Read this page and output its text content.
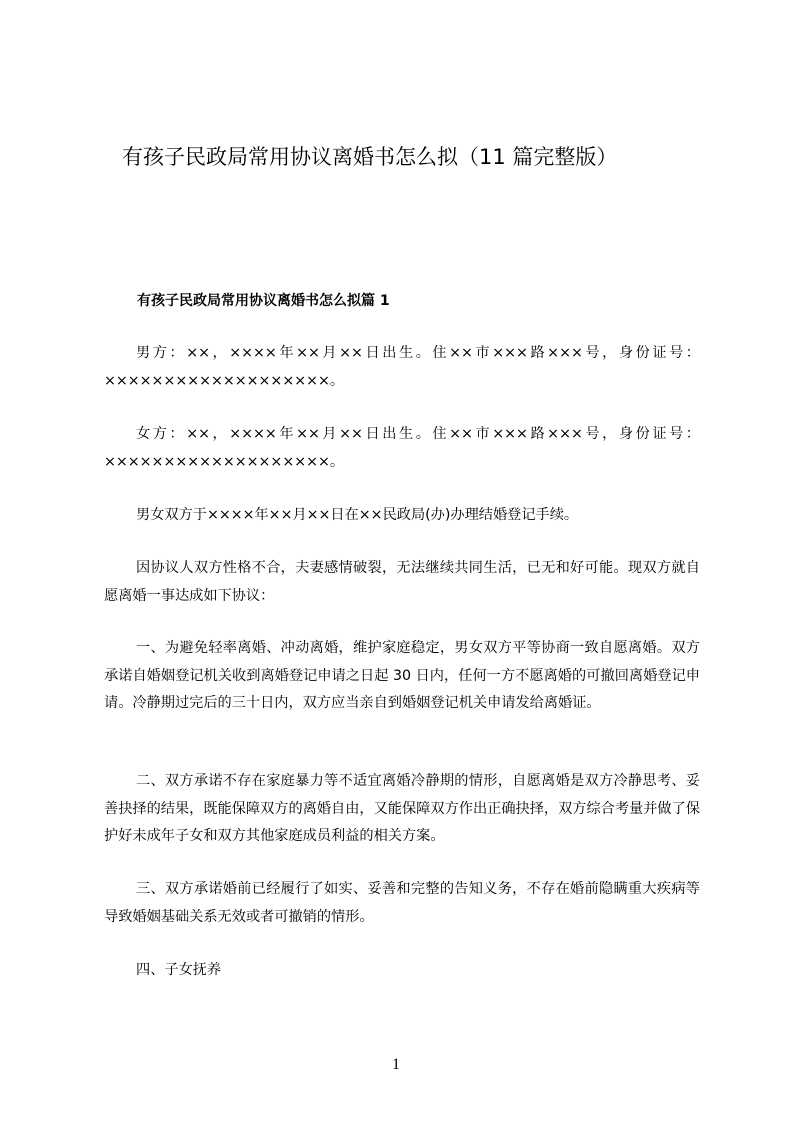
有孩子民政局常用协议离婚书怎么拟（11 篇完整版）
有孩子民政局常用协议离婚书怎么拟篇 1

男方：××，××××年××月××日出生。住××市×××路×××号，身份证号：×××××××××××××××××××。

女方：××，××××年××月××日出生。住××市×××路×××号，身份证号：×××××××××××××××××××。

男女双方于××××年××月××日在××民政局(办)办理结婚登记手续。

因协议人双方性格不合，夫妻感情破裂，无法继续共同生活，已无和好可能。现双方就自愿离婚一事达成如下协议：

一、为避免轻率离婚、冲动离婚，维护家庭稳定，男女双方平等协商一致自愿离婚。双方承诺自婚姻登记机关收到离婚登记申请之日起 30 日内，任何一方不愿离婚的可撤回离婚登记申请。冷静期过完后的三十日内，双方应当亲自到婚姻登记机关申请发给离婚证。

二、双方承诺不存在家庭暴力等不适宜离婚冷静期的情形，自愿离婚是双方冷静思考、妥善抉择的结果，既能保障双方的离婚自由，又能保障双方作出正确抉择，双方综合考量并做了保护好未成年子女和双方其他家庭成员利益的相关方案。

三、双方承诺婚前已经履行了如实、妥善和完整的告知义务，不存在婚前隐瞒重大疾病等导致婚姻基础关系无效或者可撤销的情形。

四、子女抚养

1
